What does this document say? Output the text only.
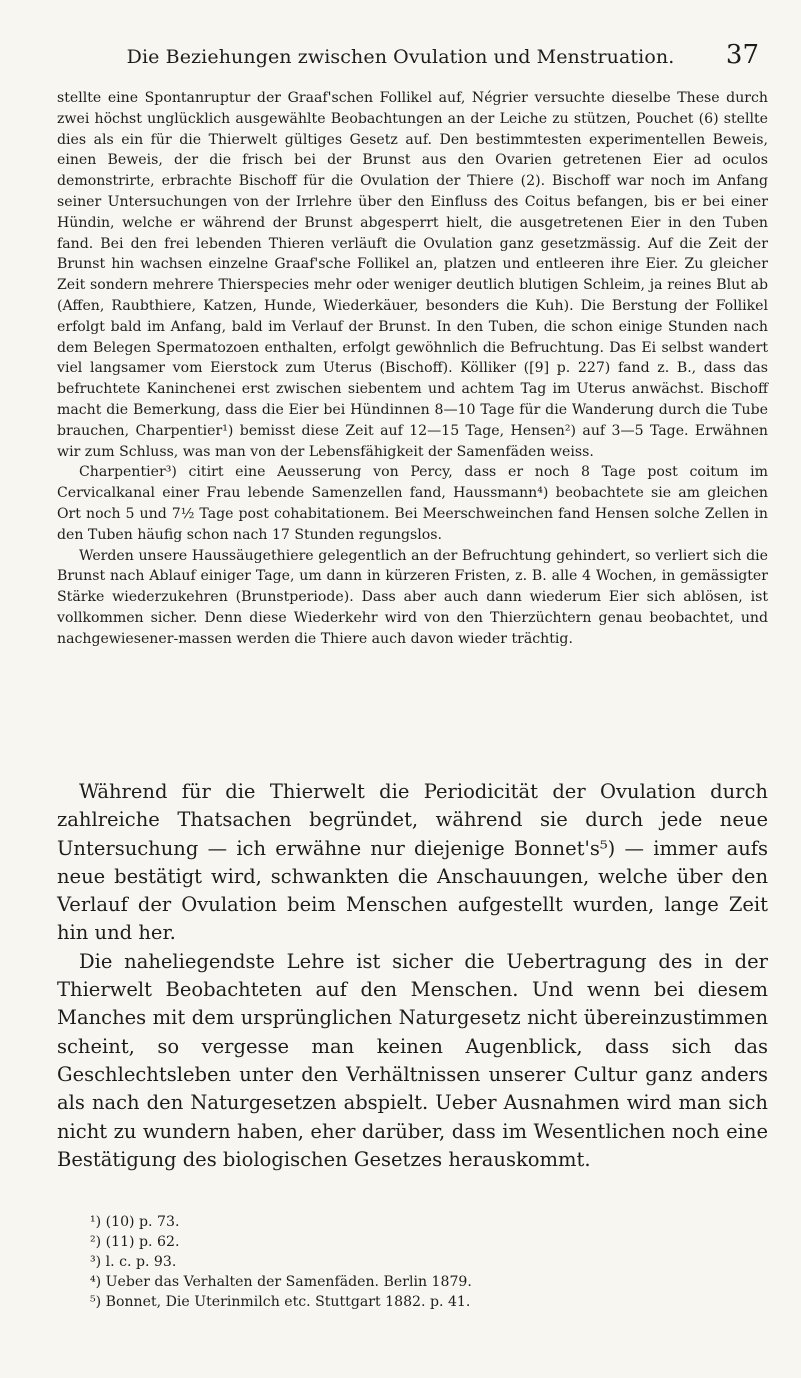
Die Beziehungen zwischen Ovulation und Menstruation.	37

stellte eine Spontanruptur der Graaf'schen Follikel auf, Négrier versuchte dieselbe These durch zwei höchst unglücklich ausgewählte Beobachtungen an der Leiche zu stützen, Pouchet (6) stellte dies als ein für die Thierwelt gültiges Gesetz auf. Den bestimmtesten experimentellen Beweis, einen Beweis, der die frisch bei der Brunst aus den Ovarien getretenen Eier ad oculos demonstrirte, erbrachte Bischoff für die Ovulation der Thiere (2). Bischoff war noch im Anfang seiner Untersuchungen von der Irrlehre über den Einfluss des Coitus befangen, bis er bei einer Hündin, welche er während der Brunst abgesperrt hielt, die ausgetretenen Eier in den Tuben fand. Bei den frei lebenden Thieren verläuft die Ovulation ganz gesetzmässig. Auf die Zeit der Brunst hin wachsen einzelne Graaf'sche Follikel an, platzen und entleeren ihre Eier. Zu gleicher Zeit sondern mehrere Thierspecies mehr oder weniger deutlich blutigen Schleim, ja reines Blut ab (Affen, Raubthiere, Katzen, Hunde, Wiederkäuer, besonders die Kuh). Die Berstung der Follikel erfolgt bald im Anfang, bald im Verlauf der Brunst. In den Tuben, die schon einige Stunden nach dem Belegen Spermatozoen enthalten, erfolgt gewöhnlich die Befruchtung. Das Ei selbst wandert viel langsamer vom Eierstock zum Uterus (Bischoff). Kölliker ([9] p. 227) fand z. B., dass das befruchtete Kaninchenei erst zwischen siebentem und achtem Tag im Uterus anwächst. Bischoff macht die Bemerkung, dass die Eier bei Hündinnen 8—10 Tage für die Wanderung durch die Tube brauchen, Charpentier¹) bemisst diese Zeit auf 12—15 Tage, Hensen²) auf 3—5 Tage. Erwähnen wir zum Schluss, was man von der Lebensfähigkeit der Samenfäden weiss.

Charpentier³) citirt eine Aeusserung von Percy, dass er noch 8 Tage post coitum im Cervicalkanal einer Frau lebende Samenzellen fand, Haussmann⁴) beobachtete sie am gleichen Ort noch 5 und 7½ Tage post cohabitationem. Bei Meerschweinchen fand Hensen solche Zellen in den Tuben häufig schon nach 17 Stunden regungslos.

Werden unsere Haussäugethiere gelegentlich an der Befruchtung gehindert, so verliert sich die Brunst nach Ablauf einiger Tage, um dann in kürzeren Fristen, z. B. alle 4 Wochen, in gemässigter Stärke wiederzukehren (Brunstperiode). Dass aber auch dann wiederum Eier sich ablösen, ist vollkommen sicher. Denn diese Wiederkehr wird von den Thierzüchtern genau beobachtet, und nachgewiesener-massen werden die Thiere auch davon wieder trächtig.

Während für die Thierwelt die Periodicität der Ovulation durch zahlreiche Thatsachen begründet, während sie durch jede neue Untersuchung — ich erwähne nur diejenige Bonnet's⁵) — immer aufs neue bestätigt wird, schwankten die Anschauungen, welche über den Verlauf der Ovulation beim Menschen aufgestellt wurden, lange Zeit hin und her.

Die naheliegendste Lehre ist sicher die Uebertragung des in der Thierwelt Beobachteten auf den Menschen. Und wenn bei diesem Manches mit dem ursprünglichen Naturgesetz nicht übereinzustimmen scheint, so vergesse man keinen Augenblick, dass sich das Geschlechtsleben unter den Verhältnissen unserer Cultur ganz anders als nach den Naturgesetzen abspielt. Ueber Ausnahmen wird man sich nicht zu wundern haben, eher darüber, dass im Wesentlichen noch eine Bestätigung des biologischen Gesetzes herauskommt.

¹) (10) p. 73.
²) (11) p. 62.
³) l. c. p. 93.
⁴) Ueber das Verhalten der Samenfäden. Berlin 1879.
⁵) Bonnet, Die Uterinmilch etc. Stuttgart 1882. p. 41.
